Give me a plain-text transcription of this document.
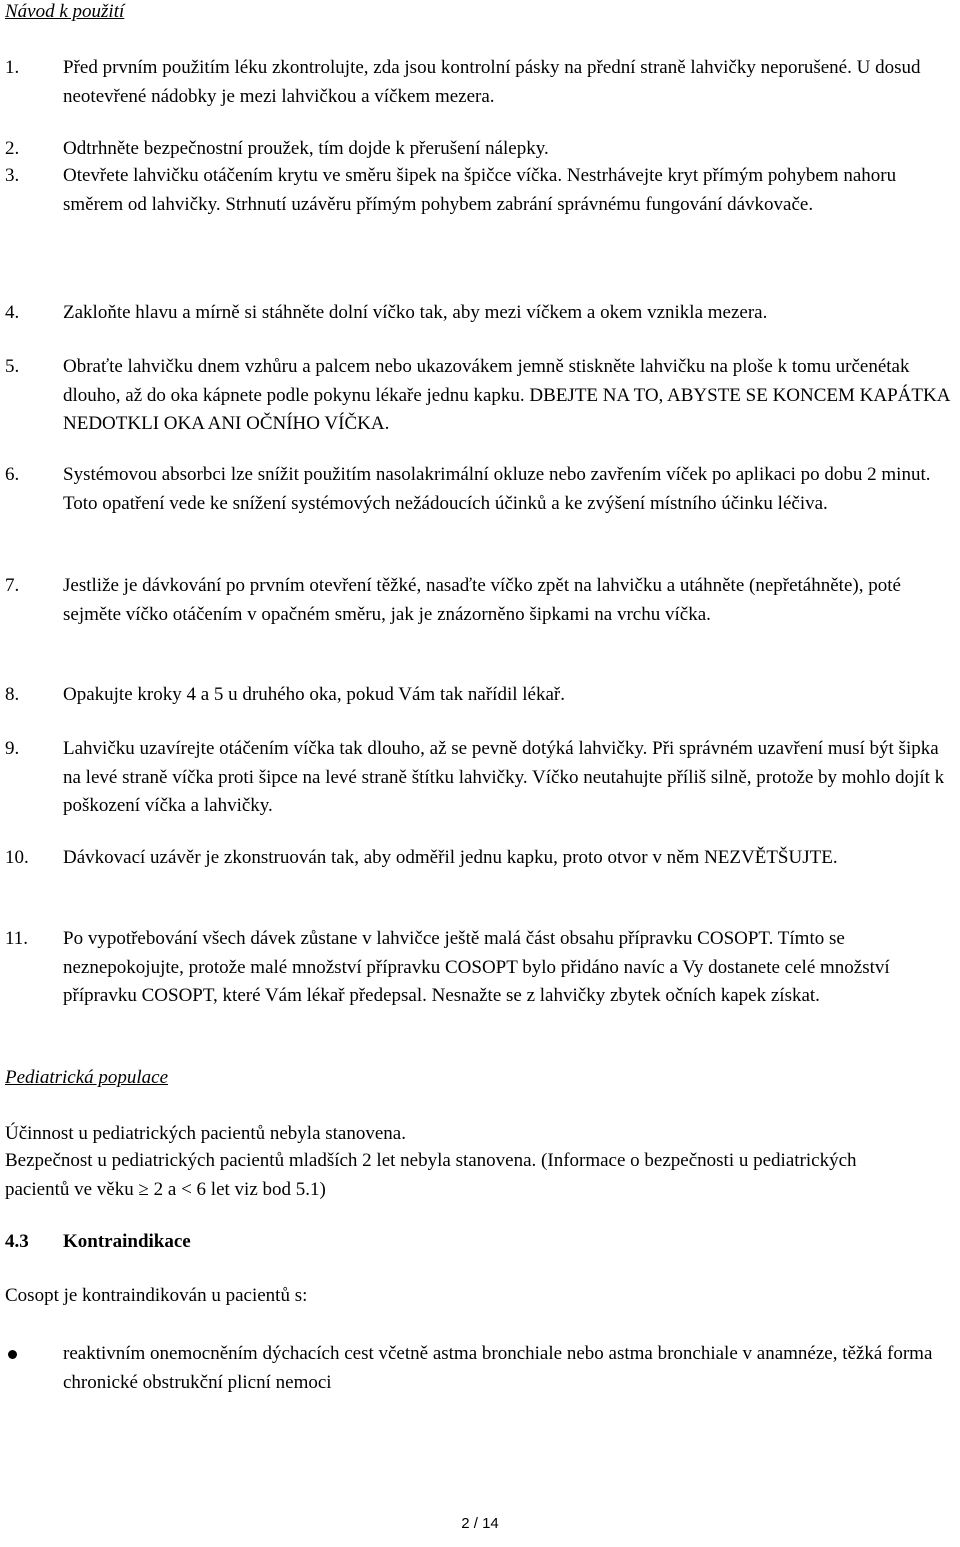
Návod k použití
1. Před prvním použitím léku zkontrolujte, zda jsou kontrolní pásky na přední straně lahvičky neporušené. U dosud neotevřené nádobky je mezi lahvičkou a víčkem mezera.
2. Odtrhněte bezpečnostní proužek, tím dojde k přerušení nálepky.
3. Otevřete lahvičku otáčením krytu ve směru šipek na špičce víčka. Nestrhávejte kryt přímým pohybem nahoru směrem od lahvičky. Strhnutí uzávěru přímým pohybem zabrání správnému fungování dávkovače.
4. Zakloňte hlavu a mírně si stáhněte dolní víčko tak, aby mezi víčkem a okem vznikla mezera.
5. Obraťte lahvičku dnem vzhůru a palcem nebo ukazovákem jemně stiskněte lahvičku na ploše k tomu určenétak dlouho, až do oka kápnete podle pokynu lékaře jednu kapku. DBEJTE NA TO, ABYSTE SE KONCEM KAPÁTKA NEDOTKLI OKA ANI OČNÍHO VÍČKA.
6. Systémovou absorbci lze snížit použitím nasolakrimální okluze nebo zavřením víček po aplikaci po dobu 2 minut. Toto opatření vede ke snížení systémových nežádoucích účinků a ke zvýšení místního účinku léčiva.
7. Jestliže je dávkování po prvním otevření těžké, nasaďte víčko zpět na lahvičku a utáhněte (nepřetáhněte), poté sejměte víčko otáčením v opačném směru, jak je znázorněno šipkami na vrchu víčka.
8. Opakujte kroky 4 a 5 u druhého oka, pokud Vám tak nařídil lékař.
9. Lahvičku uzavírejte otáčením víčka tak dlouho, až se pevně dotýká lahvičky. Při správném uzavření musí být šipka na levé straně víčka proti šipce na levé straně štítku lahvičky. Víčko neutahujte příliš silně, protože by mohlo dojít k poškození víčka a lahvičky.
10. Dávkovací uzávěr je zkonstruován tak, aby odměřil jednu kapku, proto otvor v něm NEZVĚTŠUJTE.
11. Po vypotřebování všech dávek zůstane v lahvičce ještě malá část obsahu přípravku COSOPT. Tímto se neznepokojujte, protože malé množství přípravku COSOPT bylo přidáno navíc a Vy dostanete celé množství přípravku COSOPT, které Vám lékař předepsal. Nesnažte se z lahvičky zbytek očních kapek získat.
Pediatrická populace
Účinnost u pediatrických pacientů nebyla stanovena.
Bezpečnost u pediatrických pacientů mladších 2 let nebyla stanovena. (Informace o bezpečnosti u pediatrických pacientů ve věku ≥ 2 a < 6 let viz bod 5.1)
4.3 Kontraindikace
Cosopt je kontraindikován u pacientů s:
reaktivním onemocněním dýchacích cest včetně astma bronchiale nebo astma bronchiale v anamnéze, těžká forma chronické obstrukční plicní nemoci
2 / 14
